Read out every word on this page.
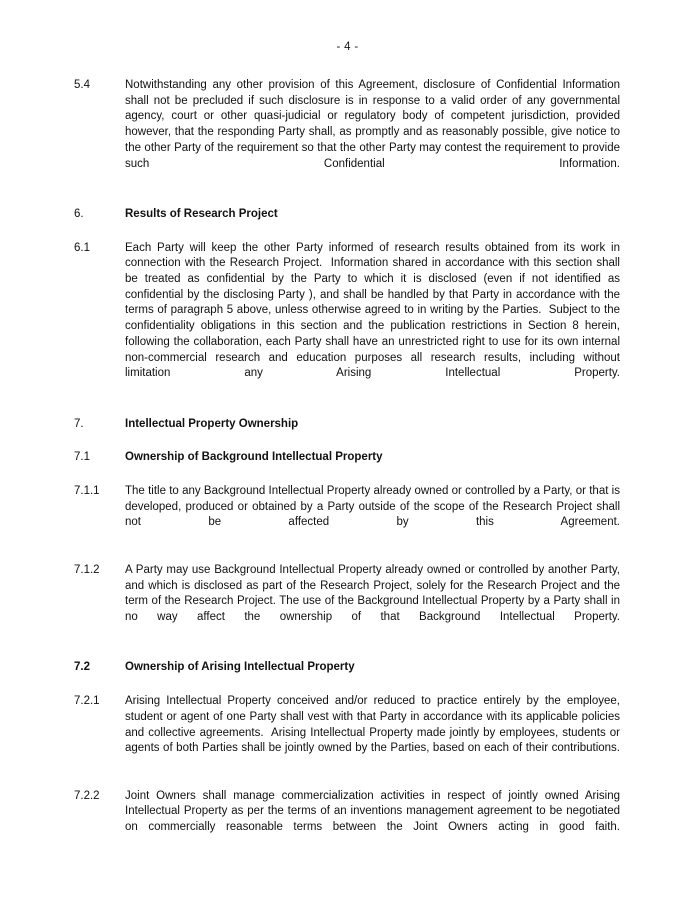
- 4 -
5.4	Notwithstanding any other provision of this Agreement, disclosure of Confidential Information shall not be precluded if such disclosure is in response to a valid order of any governmental agency, court or other quasi-judicial or regulatory body of competent jurisdiction, provided however, that the responding Party shall, as promptly and as reasonably possible, give notice to the other Party of the requirement so that the other Party may contest the requirement to provide such Confidential Information.
6.	Results of Research Project
6.1	Each Party will keep the other Party informed of research results obtained from its work in connection with the Research Project.  Information shared in accordance with this section shall be treated as confidential by the Party to which it is disclosed (even if not identified as confidential by the disclosing Party ), and shall be handled by that Party in accordance with the terms of paragraph 5 above, unless otherwise agreed to in writing by the Parties.  Subject to the confidentiality obligations in this section and the publication restrictions in Section 8 herein, following the collaboration, each Party shall have an unrestricted right to use for its own internal non-commercial research and education purposes all research results, including without limitation any Arising Intellectual Property.
7.	Intellectual Property Ownership
7.1	Ownership of Background Intellectual Property
7.1.1	The title to any Background Intellectual Property already owned or controlled by a Party, or that is developed, produced or obtained by a Party outside of the scope of the Research Project shall not be affected by this Agreement.
7.1.2	A Party may use Background Intellectual Property already owned or controlled by another Party, and which is disclosed as part of the Research Project, solely for the Research Project and the term of the Research Project. The use of the Background Intellectual Property by a Party shall in no way affect the ownership of that Background Intellectual Property.
7.2	Ownership of Arising Intellectual Property
7.2.1	Arising Intellectual Property conceived and/or reduced to practice entirely by the employee, student or agent of one Party shall vest with that Party in accordance with its applicable policies and collective agreements.  Arising Intellectual Property made jointly by employees, students or agents of both Parties shall be jointly owned by the Parties, based on each of their contributions.
7.2.2	Joint Owners shall manage commercialization activities in respect of jointly owned Arising Intellectual Property as per the terms of an inventions management agreement to be negotiated on commercially reasonable terms between the Joint Owners acting in good faith.
